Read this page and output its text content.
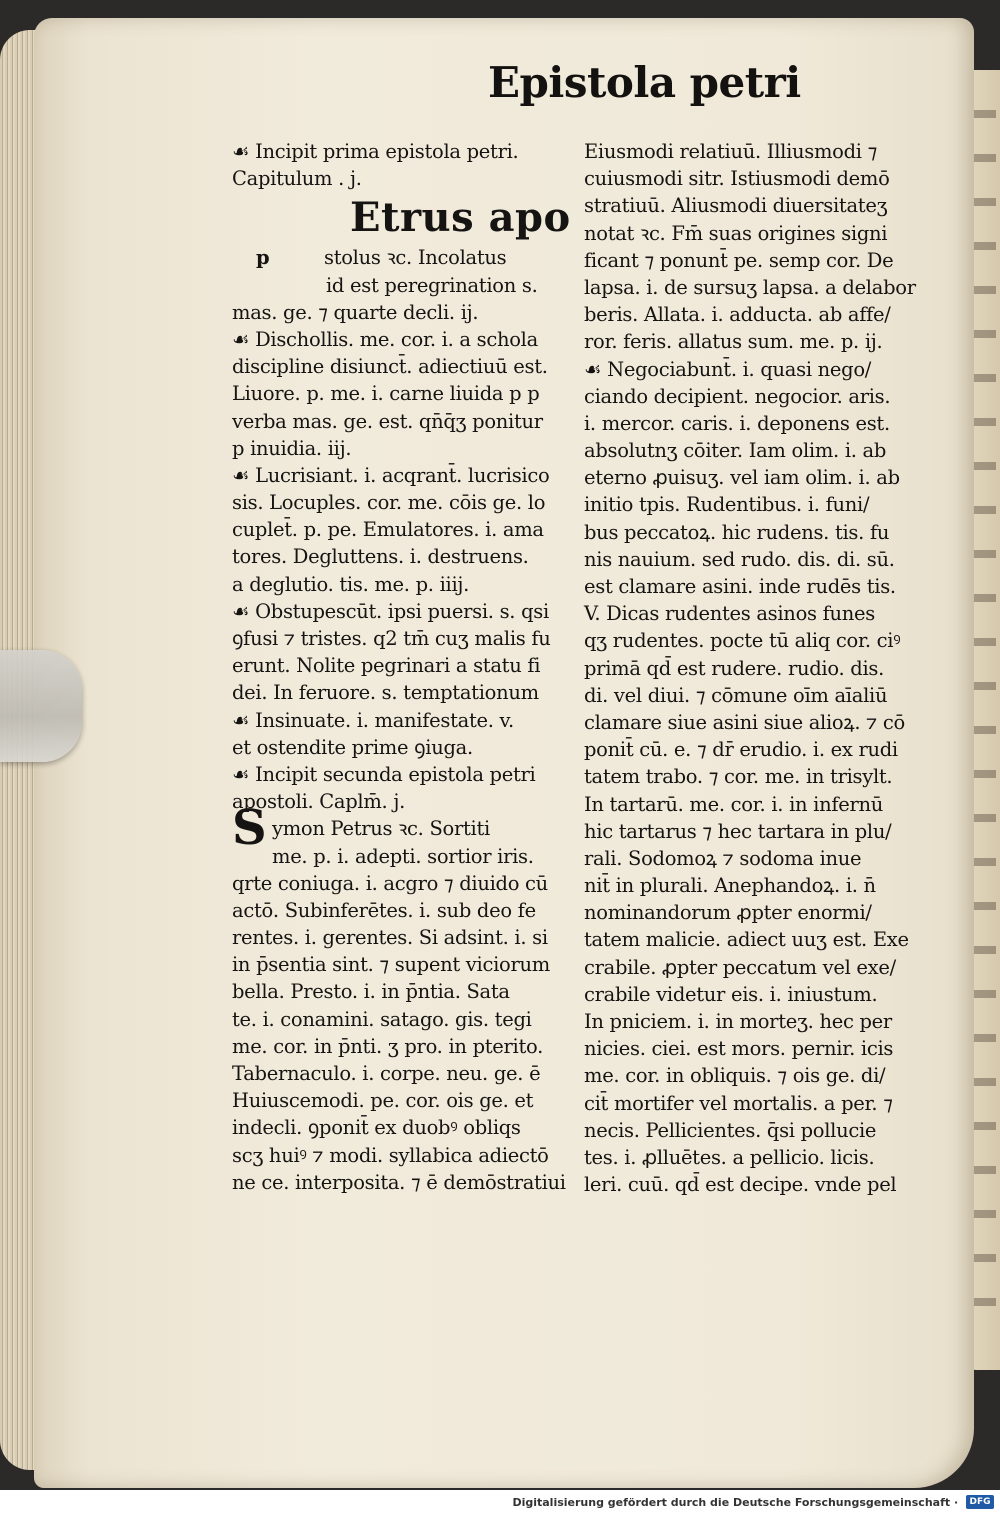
Epistola petri
☙ Incipit prima epistola petri.
Capitulum . j.
Etrus apo
p	stolus ꝛc. Incolatus
id est peregrination s.
mas. ge. ⁊ quarte decli. ij.
☙ Dischollis. me. cor. i. a schola
discipline disiunct̄. adiectiuū est.
Liuore. p. me. i. carne liuida p p
verba mas. ge. est. qn̄q̄ʒ ponitur
p inuidia. iij.
☙ Lucrisiant. i. acqrant̄. lucrisico
sis. Locuples. cor. me. cōis ge. lo
cuplet̄. p. pe. Emulatores. i. ama
tores. Degluttens. i. destruens.
a deglutio. tis. me. p. iiij.
☙ Obstupescūt. ipsi puersi. s. qsi
ꝯfusi ⁊ tristes. q2 tm̄ cuʒ malis fu
erunt. Nolite pegrinari a statu fi
dei. In feruore. s. temptationum
☙ Insinuate. i. manifestate. v.
et ostendite prime ꝯiuga.
☙ Incipit secunda epistola petri
apostoli. Caplm̄. j.
Symon Petrus ꝛc. Sortiti
me. p. i. adepti. sortior iris.
qrte coniuga. i. acgro ⁊ diuido cū
actō. Subinferētes. i. sub deo fe
rentes. i. gerentes. Si adsint. i. si
in p̄sentia sint. ⁊ supent viciorum
bella. Presto. i. in p̄ntia. Sata
te. i. conamini. satago. gis. tegi
me. cor. in p̄nti. ʒ pro. in pterito.
Tabernaculo. i. corpe. neu. ge. ē
Huiuscemodi. pe. cor. ois ge. et
indecli. ꝯponit̄ ex duobꝰ obliqs
scʒ huiꝰ ⁊ modi. syllabica adiectō
ne ce. interposita. ⁊ ē demōstratiui
Eiusmodi relatiuū. Illiusmodi ⁊
cuiusmodi sitr. Istiusmodi demō
stratiuū. Aliusmodi diuersitateʒ
notat ꝛc. Fm̄ suas origines signi
ficant ⁊ ponunt̄ pe. semp cor. De
lapsa. i. de sursuʒ lapsa. a delabor
beris. Allata. i. adducta. ab affe/
ror. feris. allatus sum. me. p. ij.
☙ Negociabunt̄. i. quasi nego/
ciando decipient. negocior. aris.
i. mercor. caris. i. deponens est.
absolutnʒ cōiter. Iam olim. i. ab
eterno ꝓuisuʒ. vel iam olim. i. ab
initio tpis. Rudentibus. i. funi/
bus peccatoꝝ. hic rudens. tis. fu
nis nauium. sed rudo. dis. di. sū.
est clamare asini. inde rudēs tis.
V. Dicas rudentes asinos funes
qʒ rudentes. pocte tū aliq cor. ciꝰ
primā qd̄ est rudere. rudio. dis.
di. vel diui. ⁊ cōmune oīm aīaliū
clamare siue asini siue alioꝝ. ⁊ cō
ponit̄ cū. e. ⁊ dr̄ erudio. i. ex rudi
tatem trabo. ⁊ cor. me. in trisylt.
In tartarū. me. cor. i. in infernū
hic tartarus ⁊ hec tartara in plu/
rali. Sodomoꝝ ⁊ sodoma inue
nit̄ in plurali. Anephandoꝝ. i. n̄
nominandorum ꝓpter enormi/
tatem malicie. adiect uuʒ est. Exe
crabile. ꝓpter peccatum vel exe/
crabile videtur eis. i. iniustum.
In pniciem. i. in morteʒ. hec per
nicies. ciei. est mors. pernir. icis
me. cor. in obliquis. ⁊ ois ge. di/
cit̄ mortifer vel mortalis. a per. ⁊
necis. Pellicientes. q̄si pollucie
tes. i. ꝓlluētes. a pellicio. licis.
leri. cuū. qd̄ est decipe. vnde pel
Digitalisierung gefördert durch die Deutsche Forschungsgemeinschaft · DFG
